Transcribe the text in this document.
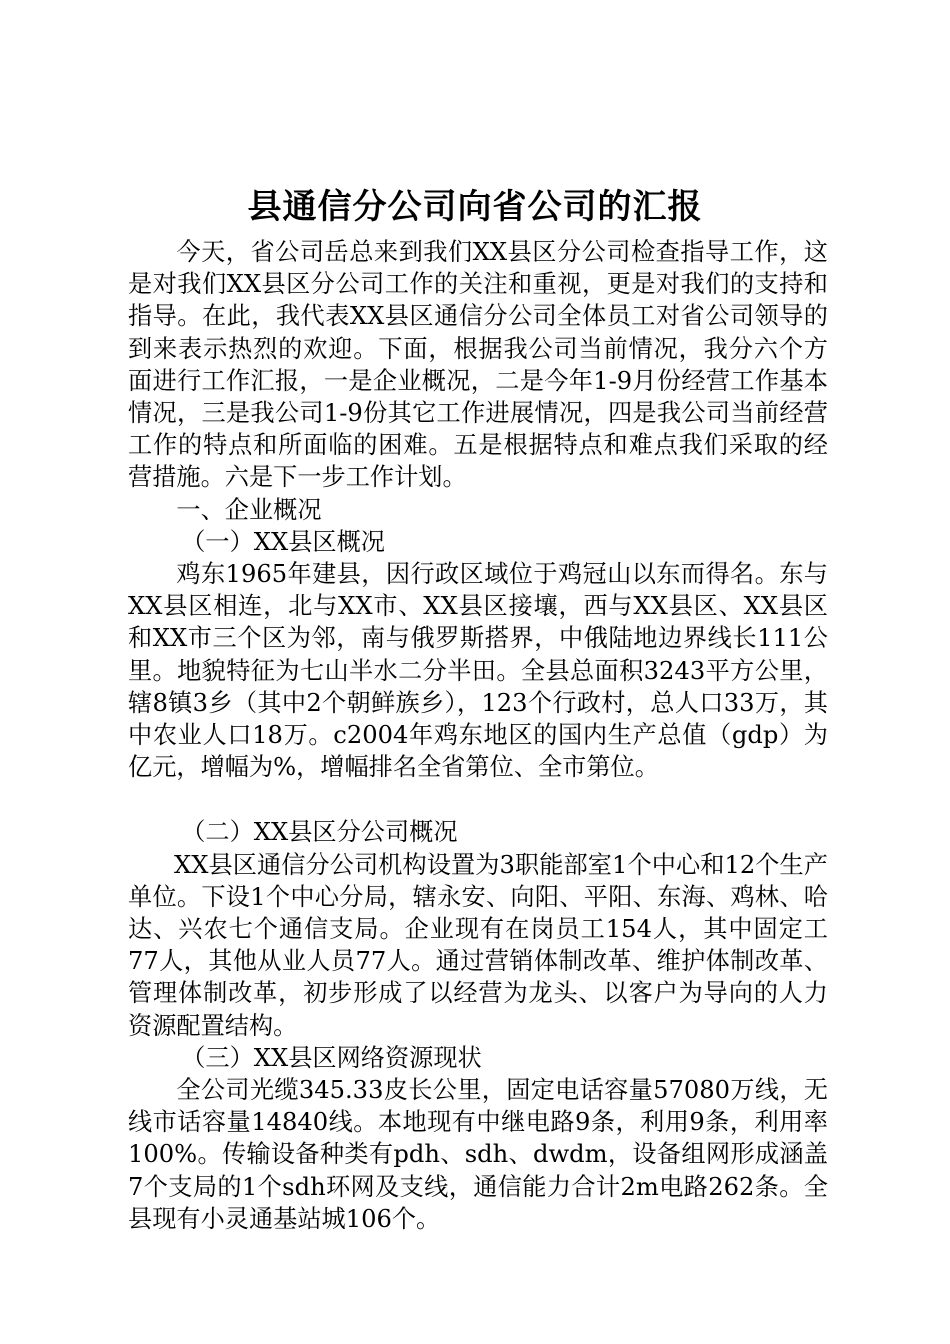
县通信分公司向省公司的汇报

今天，省公司岳总来到我们XX县区分公司检查指导工作，这是对我们XX县区分公司工作的关注和重视，更是对我们的支持和指导。在此，我代表XX县区通信分公司全体员工对省公司领导的到来表示热烈的欢迎。下面，根据我公司当前情况，我分六个方面进行工作汇报，一是企业概况，二是今年1-9月份经营工作基本情况，三是我公司1-9份其它工作进展情况，四是我公司当前经营工作的特点和所面临的困难。五是根据特点和难点我们采取的经营措施。六是下一步工作计划。

一、企业概况

（一）XX县区概况

鸡东1965年建县，因行政区域位于鸡冠山以东而得名。东与XX县区相连，北与XX市、XX县区接壤，西与XX县区、XX县区和XX市三个区为邻，南与俄罗斯搭界，中俄陆地边界线长111公里。地貌特征为七山半水二分半田。全县总面积3243平方公里，辖8镇3乡（其中2个朝鲜族乡），123个行政村，总人口33万，其中农业人口18万。c2004年鸡东地区的国内生产总值（gdp）为亿元，增幅为%，增幅排名全省第位、全市第位。

（二）XX县区分公司概况

XX县区通信分公司机构设置为3职能部室1个中心和12个生产单位。下设1个中心分局，辖永安、向阳、平阳、东海、鸡林、哈达、兴农七个通信支局。企业现有在岗员工154人，其中固定工77人，其他从业人员77人。通过营销体制改革、维护体制改革、管理体制改革，初步形成了以经营为龙头、以客户为导向的人力资源配置结构。

（三）XX县区网络资源现状

全公司光缆345.33皮长公里，固定电话容量57080万线，无线市话容量14840线。本地现有中继电路9条，利用9条，利用率100%。传输设备种类有pdh、sdh、dwdm，设备组网形成涵盖7个支局的1个sdh环网及支线，通信能力合计2m电路262条。全县现有小灵通基站城106个。
